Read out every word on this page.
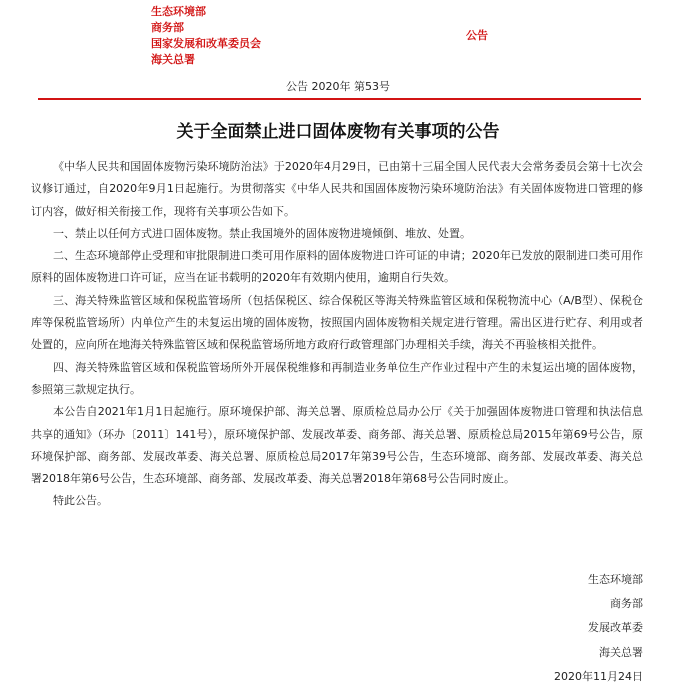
生态环境部
商务部
国家发展和改革委员会
海关总署
公告
公告 2020年 第53号
关于全面禁止进口固体废物有关事项的公告

《中华人民共和国固体废物污染环境防治法》于2020年4月29日，已由第十三届全国人民代表大会常务委员会第十七次会议修订通过，自2020年9月1日起施行。为贯彻落实《中华人民共和国固体废物污染环境防治法》有关固体废物进口管理的修订内容，做好相关衔接工作，现将有关事项公告如下。

一、禁止以任何方式进口固体废物。禁止我国境外的固体废物进境倾倒、堆放、处置。

二、生态环境部停止受理和审批限制进口类可用作原料的固体废物进口许可证的申请；2020年已发放的限制进口类可用作原料的固体废物进口许可证，应当在证书载明的2020年有效期内使用，逾期自行失效。

三、海关特殊监管区域和保税监管场所（包括保税区、综合保税区等海关特殊监管区域和保税物流中心（A/B型）、保税仓库等保税监管场所）内单位产生的未复运出境的固体废物，按照国内固体废物相关规定进行管理。需出区进行贮存、利用或者处置的，应向所在地海关特殊监管区域和保税监管场所地方政府行政管理部门办理相关手续，海关不再验核相关批件。

四、海关特殊监管区域和保税监管场所外开展保税维修和再制造业务单位生产作业过程中产生的未复运出境的固体废物，参照第三款规定执行。

本公告自2021年1月1日起施行。原环境保护部、海关总署、原质检总局办公厅《关于加强固体废物进口管理和执法信息共享的通知》（环办〔2011〕141号），原环境保护部、发展改革委、商务部、海关总署、原质检总局2015年第69号公告，原环境保护部、商务部、发展改革委、海关总署、原质检总局2017年第39号公告，生态环境部、商务部、发展改革委、海关总署2018年第6号公告，生态环境部、商务部、发展改革委、海关总署2018年第68号公告同时废止。

特此公告。

生态环境部
商务部
发展改革委
海关总署
2020年11月24日
